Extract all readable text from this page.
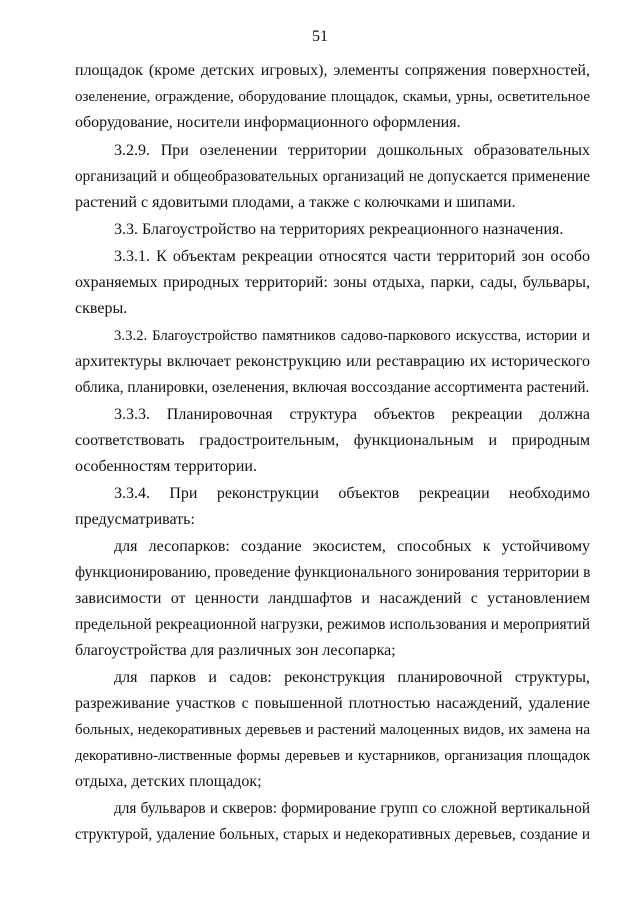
51
площадок (кроме детских игровых), элементы сопряжения поверхностей,
озеленение, ограждение, оборудование площадок, скамьи, урны, осветительное
оборудование, носители информационного оформления.
3.2.9. При озеленении территории дошкольных образовательных
организаций и общеобразовательных организаций не допускается применение
растений с ядовитыми плодами, а также с колючками и шипами.
3.3. Благоустройство на территориях рекреационного назначения.
3.3.1. К объектам рекреации относятся части территорий зон особо
охраняемых природных территорий: зоны отдыха, парки, сады, бульвары,
скверы.
3.3.2. Благоустройство памятников садово-паркового искусства, истории и
архитектуры включает реконструкцию или реставрацию их исторического
облика, планировки, озеленения, включая воссоздание ассортимента растений.
3.3.3. Планировочная структура объектов рекреации должна
соответствовать градостроительным, функциональным и природным
особенностям территории.
3.3.4. При реконструкции объектов рекреации необходимо
предусматривать:
для лесопарков: создание экосистем, способных к устойчивому
функционированию, проведение функционального зонирования территории в
зависимости от ценности ландшафтов и насаждений с установлением
предельной рекреационной нагрузки, режимов использования и мероприятий
благоустройства для различных зон лесопарка;
для парков и садов: реконструкция планировочной структуры,
разреживание участков с повышенной плотностью насаждений, удаление
больных, недекоративных деревьев и растений малоценных видов, их замена на
декоративно-лиственные формы деревьев и кустарников, организация площадок
отдыха, детских площадок;
для бульваров и скверов: формирование групп со сложной вертикальной
структурой, удаление больных, старых и недекоративных деревьев, создание и
